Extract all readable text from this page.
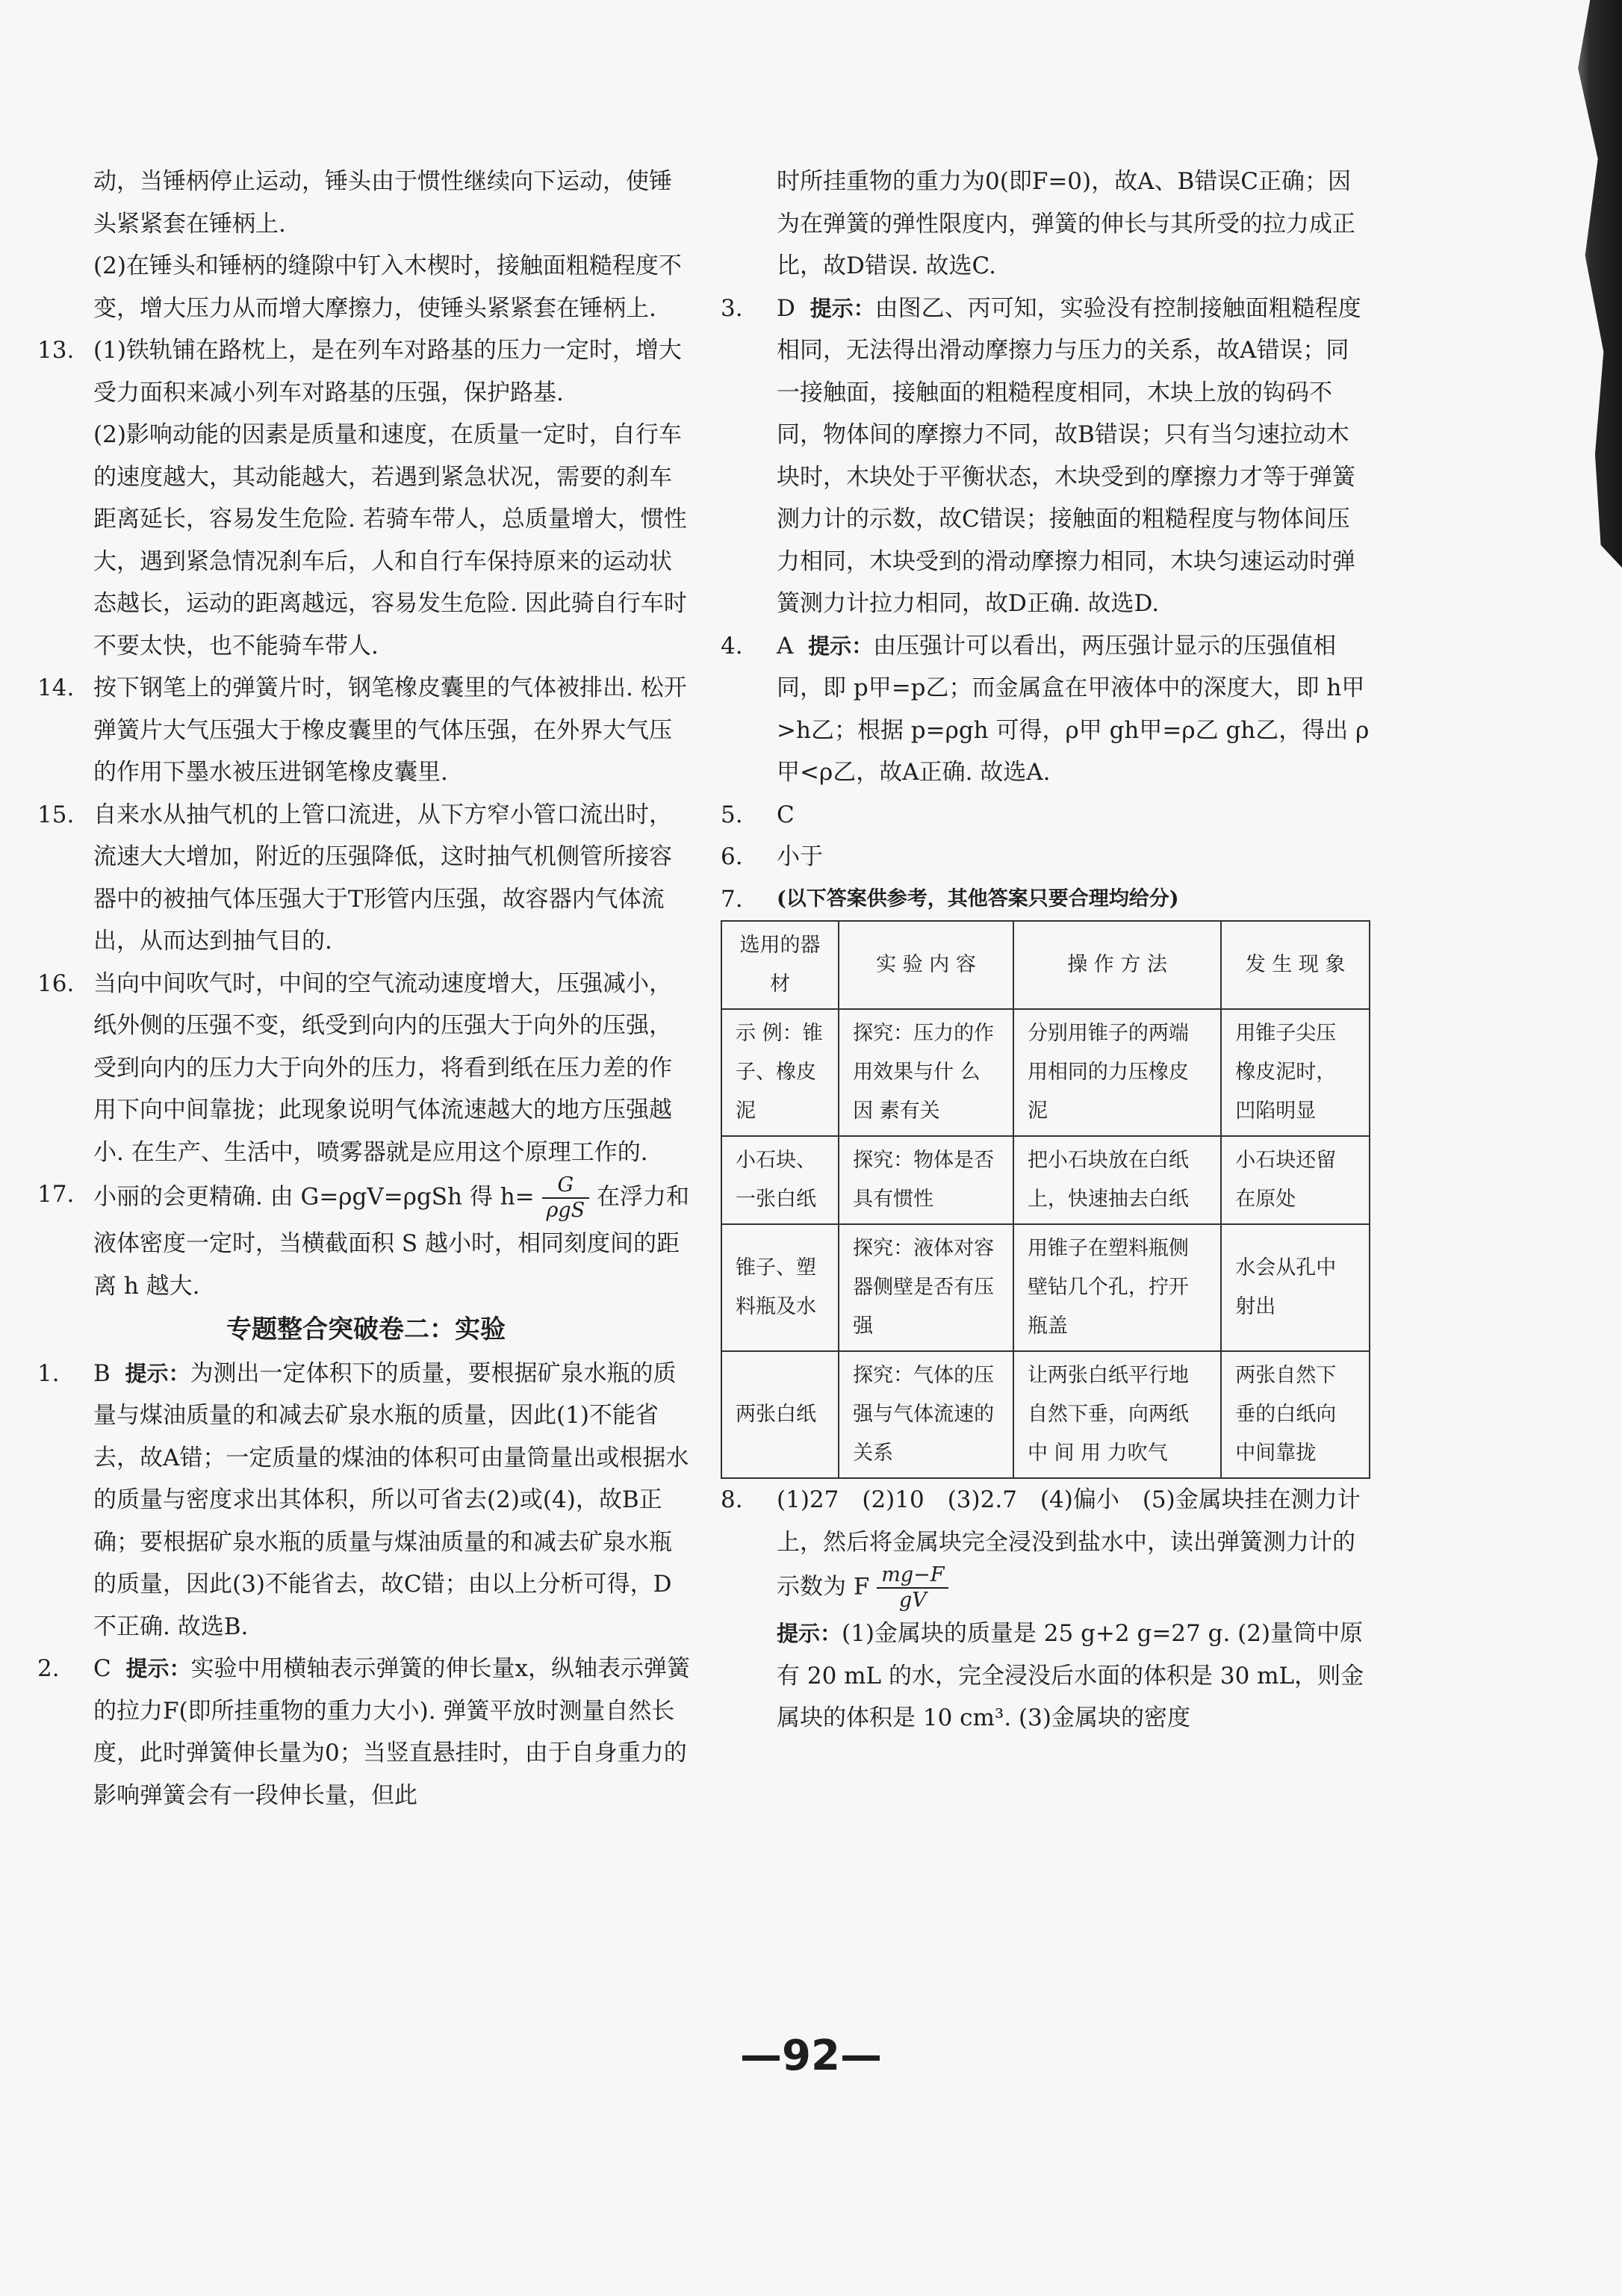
动，当锤柄停止运动，锤头由于惯性继续向下运动，使锤头紧紧套在锤柄上.

(2)在锤头和锤柄的缝隙中钉入木楔时，接触面粗糙程度不变，增大压力从而增大摩擦力，使锤头紧紧套在锤柄上.

13. (1)铁轨铺在路枕上，是在列车对路基的压力一定时，增大受力面积来减小列车对路基的压强，保护路基.
(2)影响动能的因素是质量和速度，在质量一定时，自行车的速度越大，其动能越大，若遇到紧急状况，需要的刹车距离延长，容易发生危险. 若骑车带人，总质量增大，惯性大，遇到紧急情况刹车后，人和自行车保持原来的运动状态越长，运动的距离越远，容易发生危险. 因此骑自行车时不要太快，也不能骑车带人.
14. 按下钢笔上的弹簧片时，钢笔橡皮囊里的气体被排出. 松开弹簧片大气压强大于橡皮囊里的气体压强，在外界大气压的作用下墨水被压进钢笔橡皮囊里.
15. 自来水从抽气机的上管口流进，从下方窄小管口流出时，流速大大增加，附近的压强降低，这时抽气机侧管所接容器中的被抽气体压强大于T形管内压强，故容器内气体流出，从而达到抽气目的.
16. 当向中间吹气时，中间的空气流动速度增大，压强减小，纸外侧的压强不变，纸受到向内的压强大于向外的压强，受到向内的压力大于向外的压力，将看到纸在压力差的作用下向中间靠拢；此现象说明气体流速越大的地方压强越小. 在生产、生活中，喷雾器就是应用这个原理工作的.
17. 小丽的会更精确. 由 G=ρgV=ρgSh 得 $h= \frac{G}{\text{ρgS}}$ 在浮力和液体密度一定时，当横截面积 S 越小时，相同刻度间的距离 h 越大.
专题整合突破卷二：实验
1. B 提示：为测出一定体积下的质量，要根据矿泉水瓶的质量与煤油质量的和减去矿泉水瓶的质量，因此(1)不能省去，故A错；一定质量的煤油的体积可由量筒量出或根据水的质量与密度求出其体积，所以可省去(2)或(4)，故B正确；要根据矿泉水瓶的质量与煤油质量的和减去矿泉水瓶的质量，因此(3)不能省去，故C错；由以上分析可得，D不正确. 故选B.
2. C 提示：实验中用横轴表示弹簧的伸长量x，纵轴表示弹簧的拉力F(即所挂重物的重力大小). 弹簧平放时测量自然长度，此时弹簧伸长量为0；当竖直悬挂时，由于自身重力的影响弹簧会有一段伸长量，但此

时所挂重物的重力为0(即F=0)，故A、B错误C正确；因为在弹簧的弹性限度内，弹簧的伸长与其所受的拉力成正比，故D错误. 故选C.

3. D 提示：由图乙、丙可知，实验没有控制接触面粗糙程度相同，无法得出滑动摩擦力与压力的关系，故A错误；同一接触面，接触面的粗糙程度相同，木块上放的钩码不同，物体间的摩擦力不同，故B错误；只有当匀速拉动木块时，木块处于平衡状态，木块受到的摩擦力才等于弹簧测力计的示数，故C错误；接触面的粗糙程度与物体间压力相同，木块受到的滑动摩擦力相同，木块匀速运动时弹簧测力计拉力相同，故D正确. 故选D.
4. A 提示：由压强计可以看出，两压强计显示的压强值相同，即 p甲=p乙；而金属盒在甲液体中的深度大，即 h甲>h乙；根据 p=ρgh 可得，ρ甲 gh甲=ρ乙 gh乙，得出 ρ甲<ρ乙，故A正确. 故选A.
5. C
6. 小于
7. (以下答案供参考，其他答案只要合理均给分)
选用的器材	实 验 内 容	操 作 方 法	发 生 现 象
示 例：锥子、橡皮泥	探究：压力的作用效果与什 么 因 素有关	分别用锥子的两端用相同的力压橡皮泥	用锥子尖压橡皮泥时，凹陷明显
小石块、一张白纸	探究：物体是否具有惯性	把小石块放在白纸上，快速抽去白纸	小石块还留在原处
锥子、塑料瓶及水	探究：液体对容器侧壁是否有压强	用锥子在塑料瓶侧壁钻几个孔，拧开瓶盖	水会从孔中射出
两张白纸	探究：气体的压强与气体流速的关系	让两张白纸平行地自然下垂，向两纸中 间 用 力吹气	两张自然下垂的白纸向中间靠拢
8. (1)27　(2)10　(3)2.7　(4)偏小　(5)金属块挂在测力计上，然后将金属块完全浸没到盐水中，读出弹簧测力计的示数为 F $\frac{mg-F}{gV}$

提示：(1)金属块的质量是 25 g+2 g=27 g. (2)量筒中原有 20 mL 的水，完全浸没后水面的体积是 30 mL，则金属块的体积是 10 cm³. (3)金属块的密度

—92—
